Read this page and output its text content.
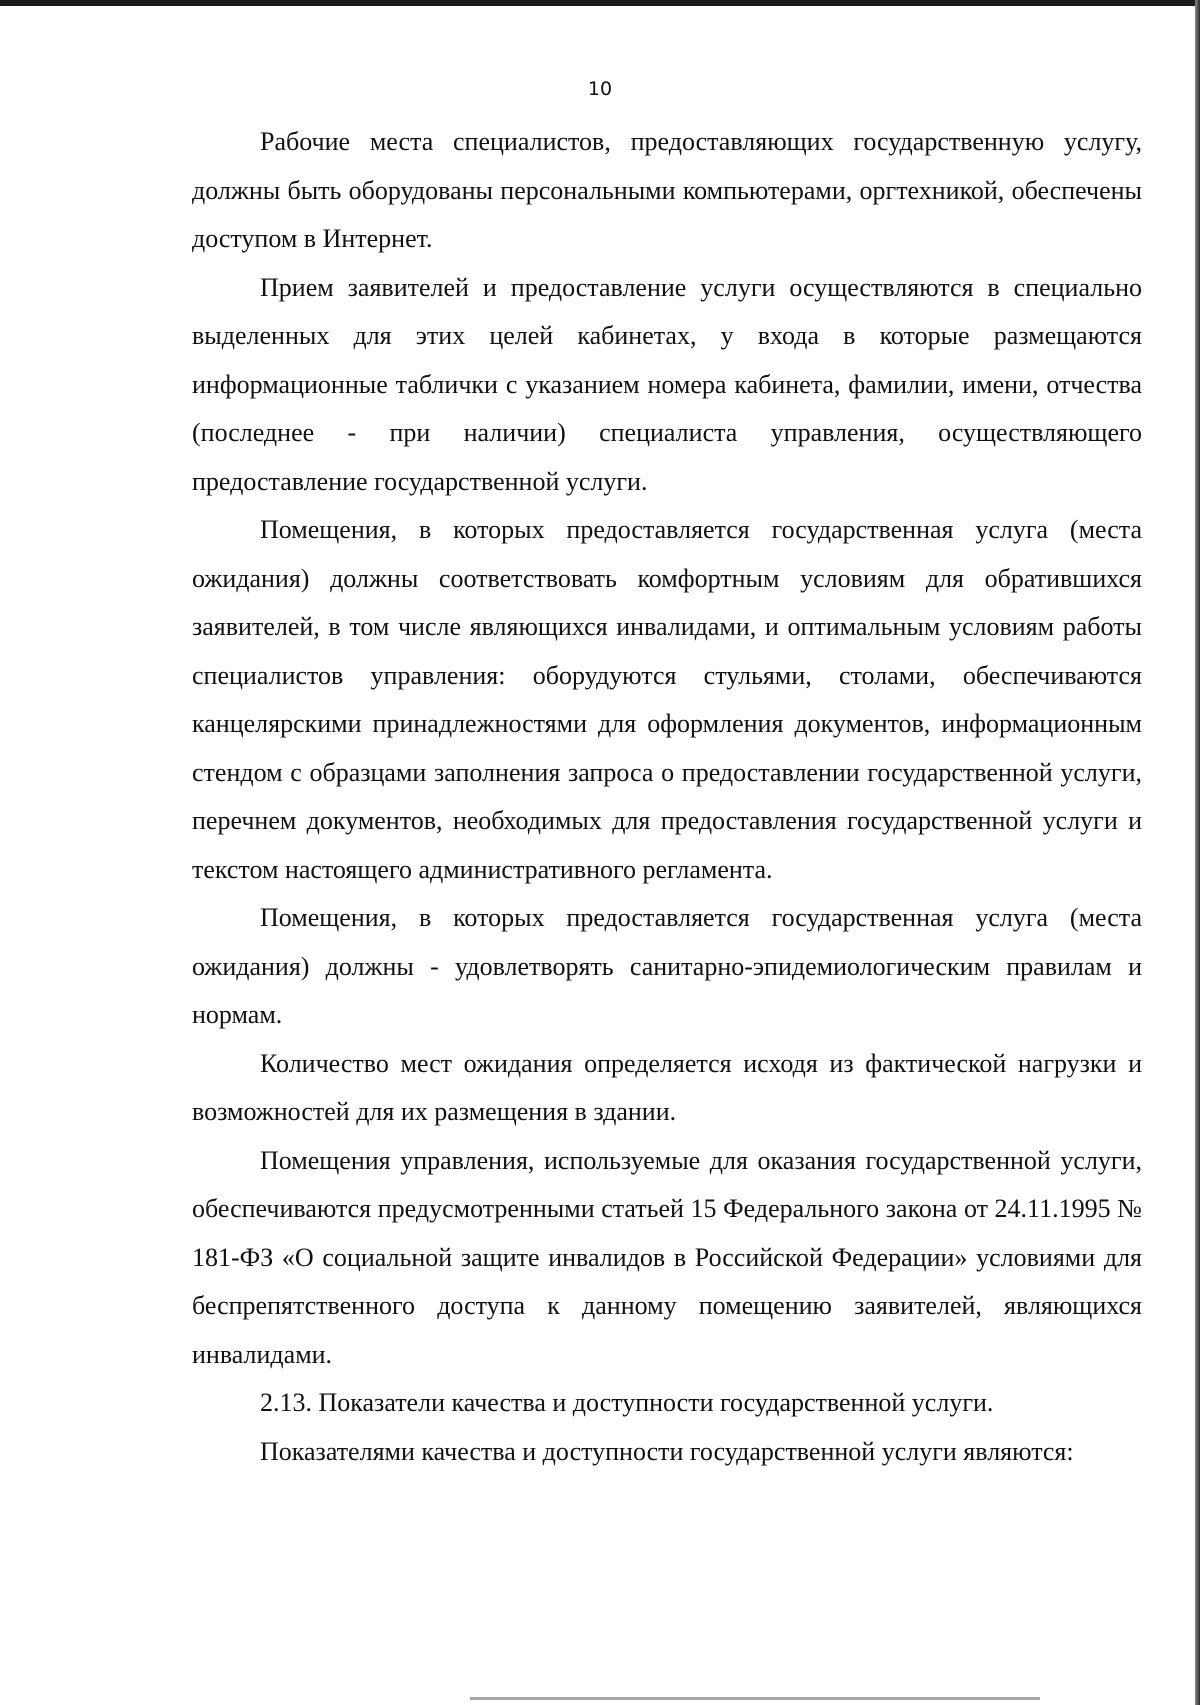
10

Рабочие места специалистов, предоставляющих государственную услугу, должны быть оборудованы персональными компьютерами, оргтехникой, обеспечены доступом в Интернет.

Прием заявителей и предоставление услуги осуществляются в специально выделенных для этих целей кабинетах, у входа в которые размещаются информационные таблички с указанием номера кабинета, фамилии, имени, отчества (последнее - при наличии) специалиста управления, осуществляющего предоставление государственной услуги.

Помещения, в которых предоставляется государственная услуга (места ожидания) должны соответствовать комфортным условиям для обратившихся заявителей, в том числе являющихся инвалидами, и оптимальным условиям работы специалистов управления: оборудуются стульями, столами, обеспечиваются канцелярскими принадлежностями для оформления документов, информационным стендом с образцами заполнения запроса о предоставлении государственной услуги, перечнем документов, необходимых для предоставления государственной услуги и текстом настоящего административного регламента.

Помещения, в которых предоставляется государственная услуга (места ожидания) должны - удовлетворять санитарно-эпидемиологическим правилам и нормам.

Количество мест ожидания определяется исходя из фактической нагрузки и возможностей для их размещения в здании.

Помещения управления, используемые для оказания государственной услуги, обеспечиваются предусмотренными статьей 15 Федерального закона от 24.11.1995 № 181-ФЗ «О социальной защите инвалидов в Российской Федерации» условиями для беспрепятственного доступа к данному помещению заявителей, являющихся инвалидами.

2.13. Показатели качества и доступности государственной услуги.

Показателями качества и доступности государственной услуги являются:
